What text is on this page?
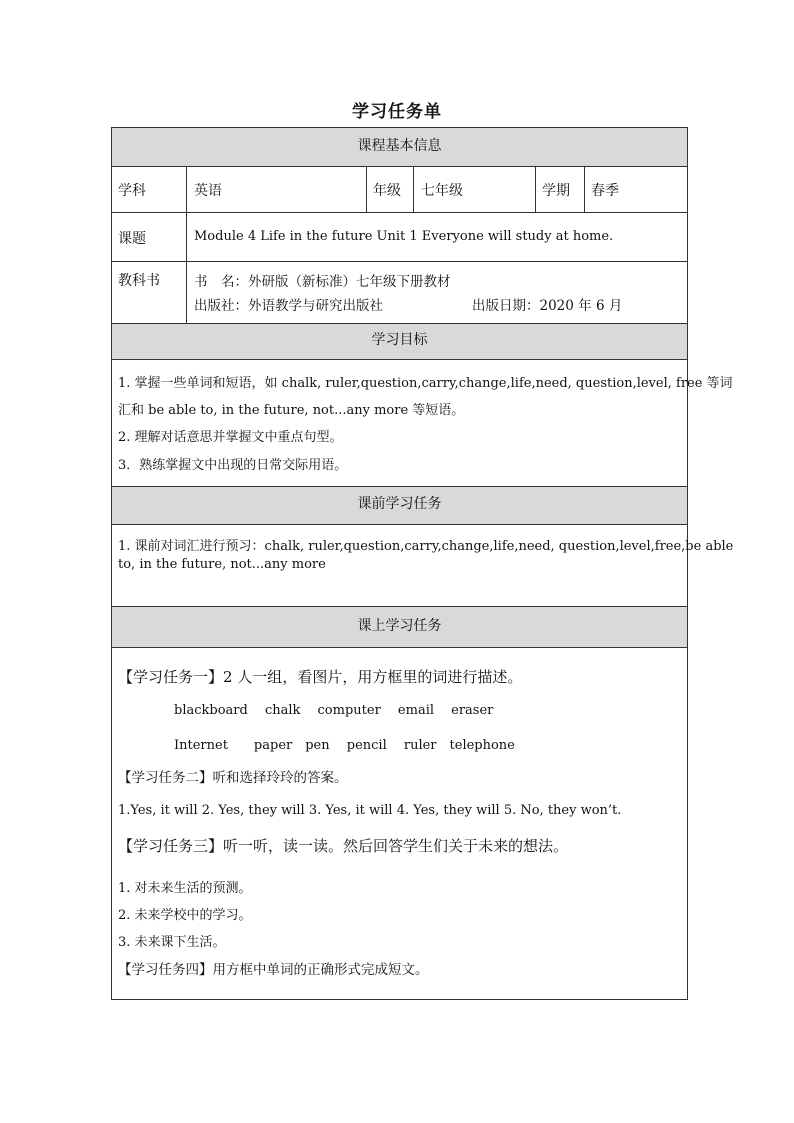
学习任务单
课程基本信息
学习目标
课前学习任务
课上学习任务
学科	英语	年级 七年级	学期 春季
课题	Module 4 Life in the future Unit 1 Everyone will study at home.
教科书	书　名：外研版（新标准）七年级下册教材
出版社：外语教学与研究出版社	出版日期：2020 年 6 月
1. 掌握一些单词和短语，如 chalk, ruler,question,carry,change,life,need, question,level, free 等词
汇和 be able to, in the future, not...any more 等短语。
2. 理解对话意思并掌握文中重点句型。
3．熟练掌握文中出现的日常交际用语。
1. 课前对词汇进行预习：chalk, ruler,question,carry,change,life,need, question,level,free,be able
to, in the future, not...any more
【学习任务一】2 人一组，看图片，用方框里的词进行描述。
blackboard　 chalk　 computer　 email　 eraser
Internet　　paper　pen　 pencil　 ruler　telephone
【学习任务二】听和选择玲玲的答案。
1.Yes, it will 2. Yes, they will 3. Yes, it will 4. Yes, they will 5. No, they won’t.
【学习任务三】听一听，读一读。然后回答学生们关于未来的想法。
1. 对未来生活的预测。
2. 未来学校中的学习。
3. 未来课下生活。
【学习任务四】用方框中单词的正确形式完成短文。
